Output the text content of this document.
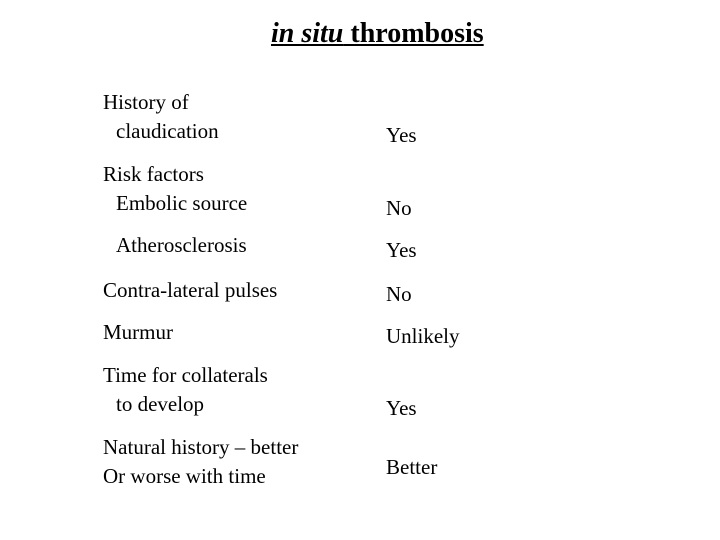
in situ thrombosis
History of
claudication	Yes
Risk factors
Embolic source	No
Atherosclerosis	Yes
Contra-lateral pulses	No
Murmur	Unlikely
Time for collaterals
to develop	Yes
Natural history – better
Or worse with time	Better
